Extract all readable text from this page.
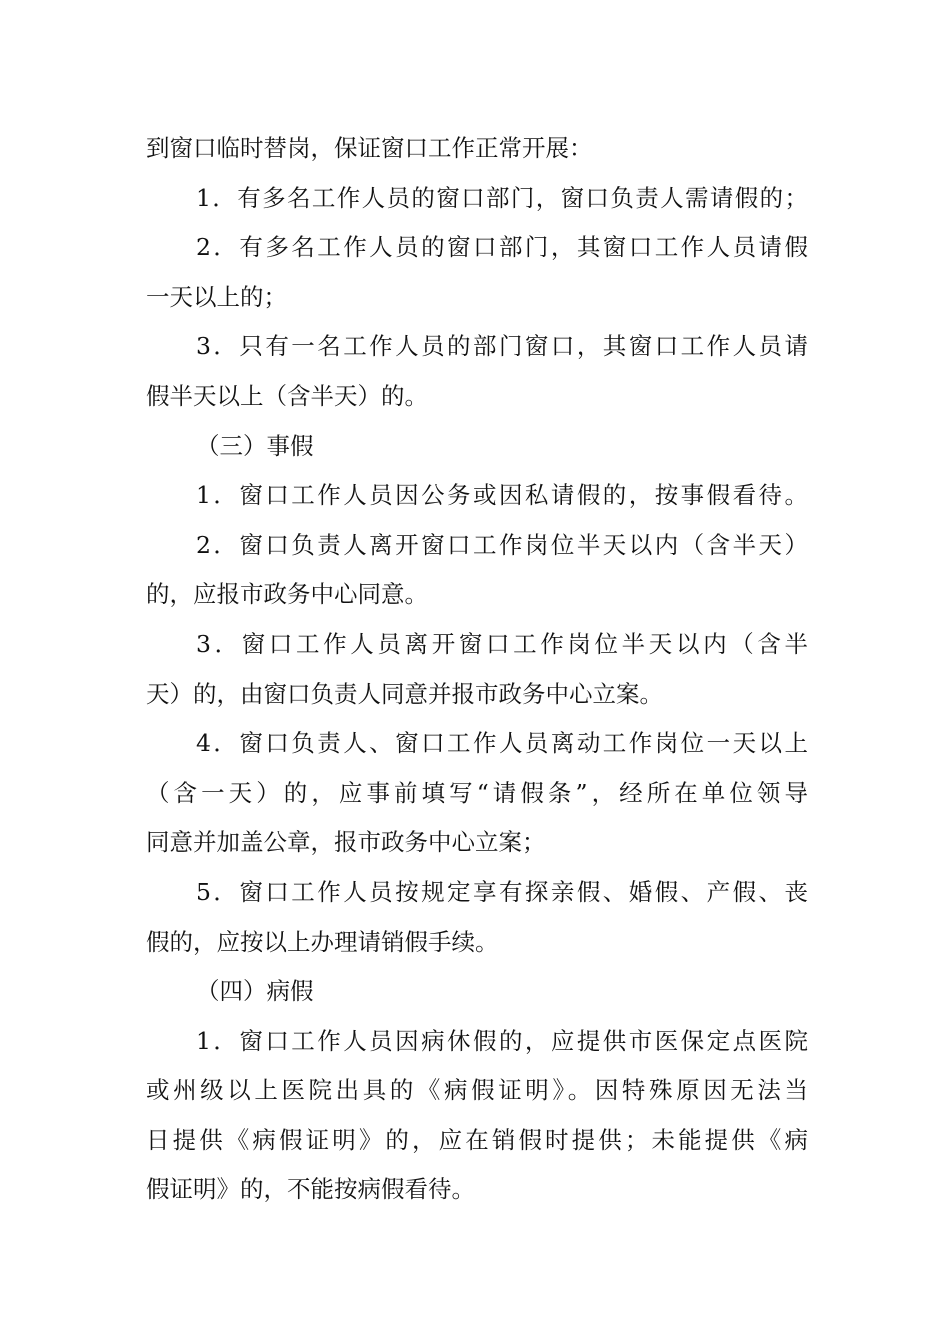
到窗口临时替岗，保证窗口工作正常开展：
1．有多名工作人员的窗口部门，窗口负责人需请假的；
2．有多名工作人员的窗口部门，其窗口工作人员请假
一天以上的；
3．只有一名工作人员的部门窗口，其窗口工作人员请
假半天以上（含半天）的。
（三）事假
1．窗口工作人员因公务或因私请假的，按事假看待。
2．窗口负责人离开窗口工作岗位半天以内（含半天）
的，应报市政务中心同意。
3．窗口工作人员离开窗口工作岗位半天以内（含半
天）的，由窗口负责人同意并报市政务中心立案。
4．窗口负责人、窗口工作人员离动工作岗位一天以上
（含一天）的，应事前填写“请假条”，经所在单位领导
同意并加盖公章，报市政务中心立案；
5．窗口工作人员按规定享有探亲假、婚假、产假、丧
假的，应按以上办理请销假手续。
（四）病假
1．窗口工作人员因病休假的，应提供市医保定点医院
或州级以上医院出具的《病假证明》。因特殊原因无法当
日提供《病假证明》的，应在销假时提供；未能提供《病
假证明》的，不能按病假看待。
